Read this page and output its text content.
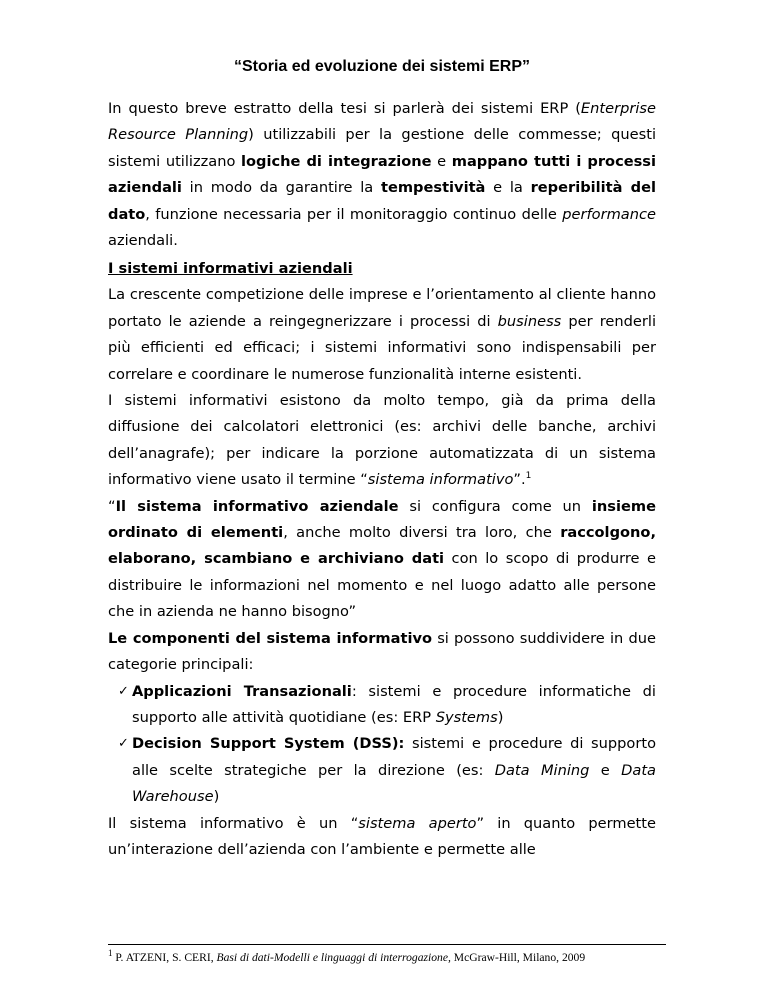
“Storia ed evoluzione dei sistemi ERP”

In questo breve estratto della tesi si parlerà dei sistemi ERP (Enterprise Resource Planning) utilizzabili per la gestione delle commesse; questi sistemi utilizzano logiche di integrazione e mappano tutti i processi aziendali in modo da garantire la tempestività e la reperibilità del dato, funzione necessaria per il monitoraggio continuo delle performance aziendali.

I sistemi informativi aziendali

La crescente competizione delle imprese e l’orientamento al cliente hanno portato le aziende a reingegnerizzare i processi di business per renderli più efficienti ed efficaci; i sistemi informativi sono indispensabili per correlare e coordinare le numerose funzionalità interne esistenti.

I sistemi informativi esistono da molto tempo, già da prima della diffusione dei calcolatori elettronici (es: archivi delle banche, archivi dell’anagrafe); per indicare la porzione automatizzata di un sistema informativo viene usato il termine “sistema informativo”.$^1$

“Il sistema informativo aziendale si configura come un insieme ordinato di elementi, anche molto diversi tra loro, che raccolgono, elaborano, scambiano e archiviano dati con lo scopo di produrre e distribuire le informazioni nel momento e nel luogo adatto alle persone che in azienda ne hanno bisogno”

Le componenti del sistema informativo si possono suddividere in due categorie principali:

✓ Applicazioni Transazionali: sistemi e procedure informatiche di supporto alle attività quotidiane (es: ERP Systems)
✓ Decision Support System (DSS): sistemi e procedure di supporto alle scelte strategiche per la direzione (es: Data Mining e Data Warehouse)

Il sistema informativo è un “sistema aperto” in quanto permette un’interazione dell’azienda con l’ambiente e permette alle

$^1$ P. ATZENI, S. CERI, Basi di dati-Modelli e linguaggi di interrogazione, McGraw-Hill, Milano, 2009
